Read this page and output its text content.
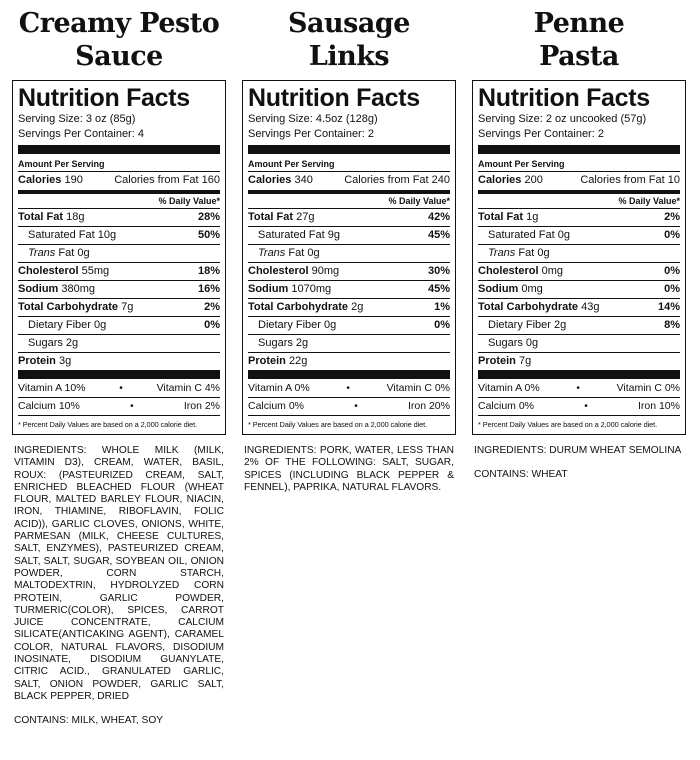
Creamy Pesto
Sauce
Nutrition Facts
Serving Size: 3 oz (85g)
Servings Per Container: 4
Amount Per Serving
Calories 190	Calories from Fat 160
% Daily Value*
Total Fat 18g	28%
Saturated Fat 10g	50%
Trans Fat 0g
Cholesterol 55mg	18%
Sodium 380mg	16%
Total Carbohydrate 7g	2%
Dietary Fiber 0g	0%
Sugars 2g
Protein 3g
Vitamin A 10%	•	Vitamin C 4%
Calcium 10%	•	Iron 2%
* Percent Daily Values are based on a 2,000 calorie diet.
INGREDIENTS: WHOLE MILK (MILK, VITAMIN D3), CREAM, WATER, BASIL, ROUX: (PASTEURIZED CREAM, SALT, ENRICHED BLEACHED FLOUR (WHEAT FLOUR, MALTED BARLEY FLOUR, NIACIN, IRON, THIAMINE, RIBOFLAVIN, FOLIC ACID)), GARLIC CLOVES, ONIONS, WHITE, PARMESAN (MILK, CHEESE CULTURES, SALT, ENZYMES), PASTEURIZED CREAM, SALT, SALT, SUGAR, SOYBEAN OIL, ONION POWDER, CORN STARCH, MALTODEXTRIN, HYDROLYZED CORN PROTEIN, GARLIC POWDER, TURMERIC(COLOR), SPICES, CARROT JUICE CONCENTRATE, CALCIUM SILICATE(ANTICAKING AGENT), CARAMEL COLOR, NATURAL FLAVORS, DISODIUM INOSINATE, DISODIUM GUANYLATE, CITRIC ACID., GRANULATED GARLIC, SALT, ONION POWDER, GARLIC SALT, BLACK PEPPER, DRIED
CONTAINS: MILK, WHEAT, SOY
Sausage
Links
Nutrition Facts
Serving Size: 4.5oz (128g)
Servings Per Container: 2
Amount Per Serving
Calories 340	Calories from Fat 240
% Daily Value*
Total Fat 27g	42%
Saturated Fat 9g	45%
Trans Fat 0g
Cholesterol 90mg	30%
Sodium 1070mg	45%
Total Carbohydrate 2g	1%
Dietary Fiber 0g	0%
Sugars 2g
Protein 22g
Vitamin A 0%	•	Vitamin C 0%
Calcium 0%	•	Iron 20%
* Percent Daily Values are based on a 2,000 calorie diet.
INGREDIENTS: PORK, WATER, LESS THAN 2% OF THE FOLLOWING: SALT, SUGAR, SPICES (INCLUDING BLACK PEPPER & FENNEL), PAPRIKA, NATURAL FLAVORS.
Penne
Pasta
Nutrition Facts
Serving Size: 2 oz uncooked (57g)
Servings Per Container: 2
Amount Per Serving
Calories 200	Calories from Fat 10
% Daily Value*
Total Fat 1g	2%
Saturated Fat 0g	0%
Trans Fat 0g
Cholesterol 0mg	0%
Sodium 0mg	0%
Total Carbohydrate 43g	14%
Dietary Fiber 2g	8%
Sugars 0g
Protein 7g
Vitamin A 0%	•	Vitamin C 0%
Calcium 0%	•	Iron 10%
* Percent Daily Values are based on a 2,000 calorie diet.
INGREDIENTS: DURUM WHEAT SEMOLINA
CONTAINS: WHEAT
